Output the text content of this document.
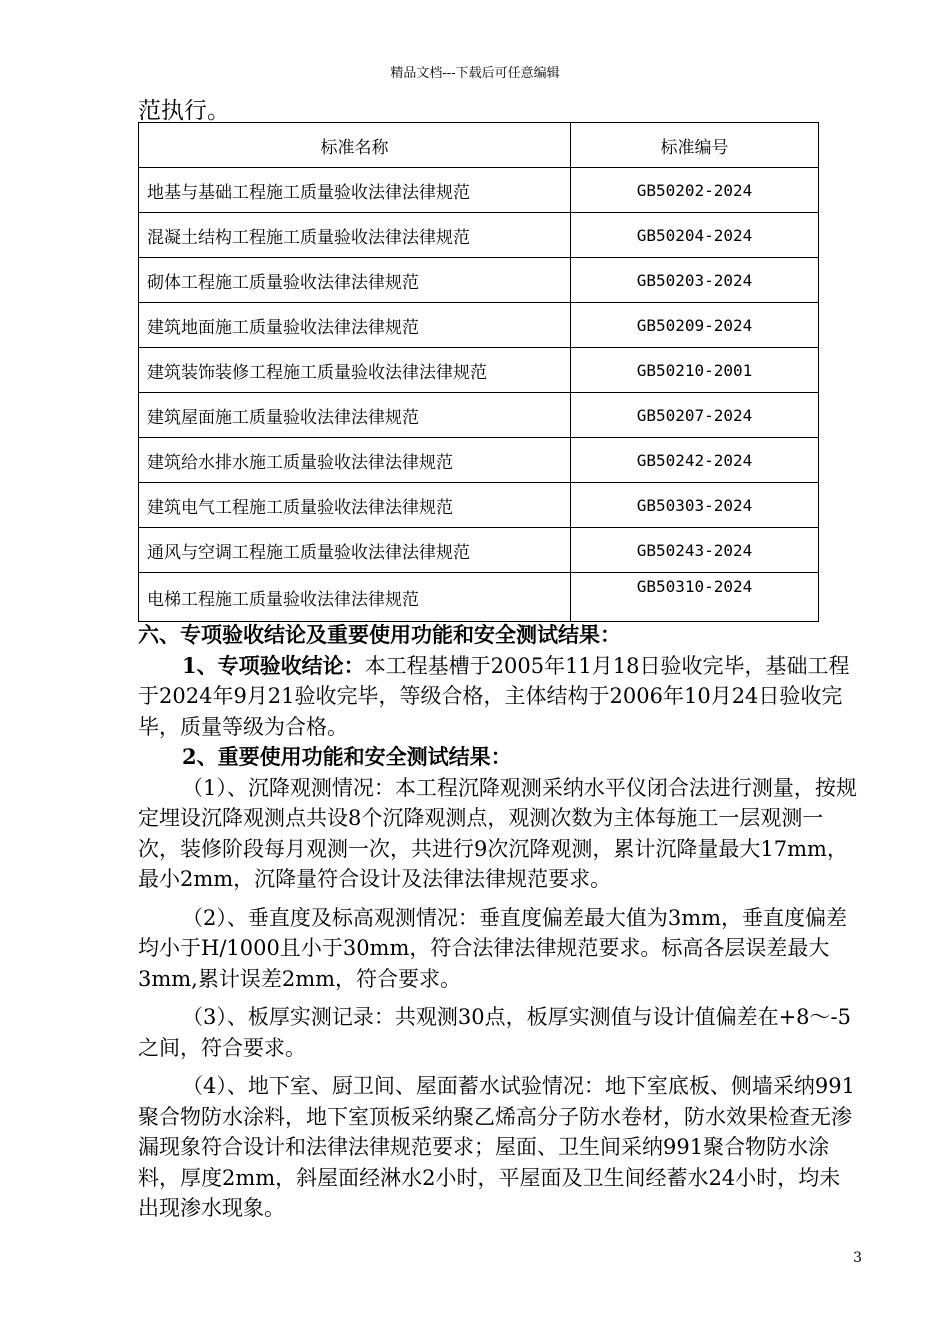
精品文档---下载后可任意编辑
范执行。
标准名称	标准编号
地基与基础工程施工质量验收法律法律规范	GB50202-2024
混凝土结构工程施工质量验收法律法律规范	GB50204-2024
砌体工程施工质量验收法律法律规范	GB50203-2024
建筑地面施工质量验收法律法律规范	GB50209-2024
建筑装饰装修工程施工质量验收法律法律规范	GB50210-2001
建筑屋面施工质量验收法律法律规范	GB50207-2024
建筑给水排水施工质量验收法律法律规范	GB50242-2024
建筑电气工程施工质量验收法律法律规范	GB50303-2024
通风与空调工程施工质量验收法律法律规范	GB50243-2024
电梯工程施工质量验收法律法律规范	GB50310-2024

六、专项验收结论及重要使用功能和安全测试结果：

1、专项验收结论：本工程基槽于2005年11月18日验收完毕，基础工程于2024年9月21验收完毕，等级合格，主体结构于2006年10月24日验收完毕，质量等级为合格。

2、重要使用功能和安全测试结果：

（1）、沉降观测情况：本工程沉降观测采纳水平仪闭合法进行测量，按规定埋设沉降观测点共设8个沉降观测点，观测次数为主体每施工一层观测一次，装修阶段每月观测一次，共进行9次沉降观测，累计沉降量最大17mm，最小2mm，沉降量符合设计及法律法律规范要求。

（2）、垂直度及标高观测情况：垂直度偏差最大值为3mm，垂直度偏差均小于H/1000且小于30mm，符合法律法律规范要求。标高各层误差最大3mm,累计误差2mm，符合要求。

（3）、板厚实测记录：共观测30点，板厚实测值与设计值偏差在+8～-5之间，符合要求。

（4）、地下室、厨卫间、屋面蓄水试验情况：地下室底板、侧墙采纳991聚合物防水涂料，地下室顶板采纳聚乙烯高分子防水卷材，防水效果检查无渗漏现象符合设计和法律法律规范要求；屋面、卫生间采纳991聚合物防水涂料，厚度2mm，斜屋面经淋水2小时，平屋面及卫生间经蓄水24小时，均未出现渗水现象。

3
